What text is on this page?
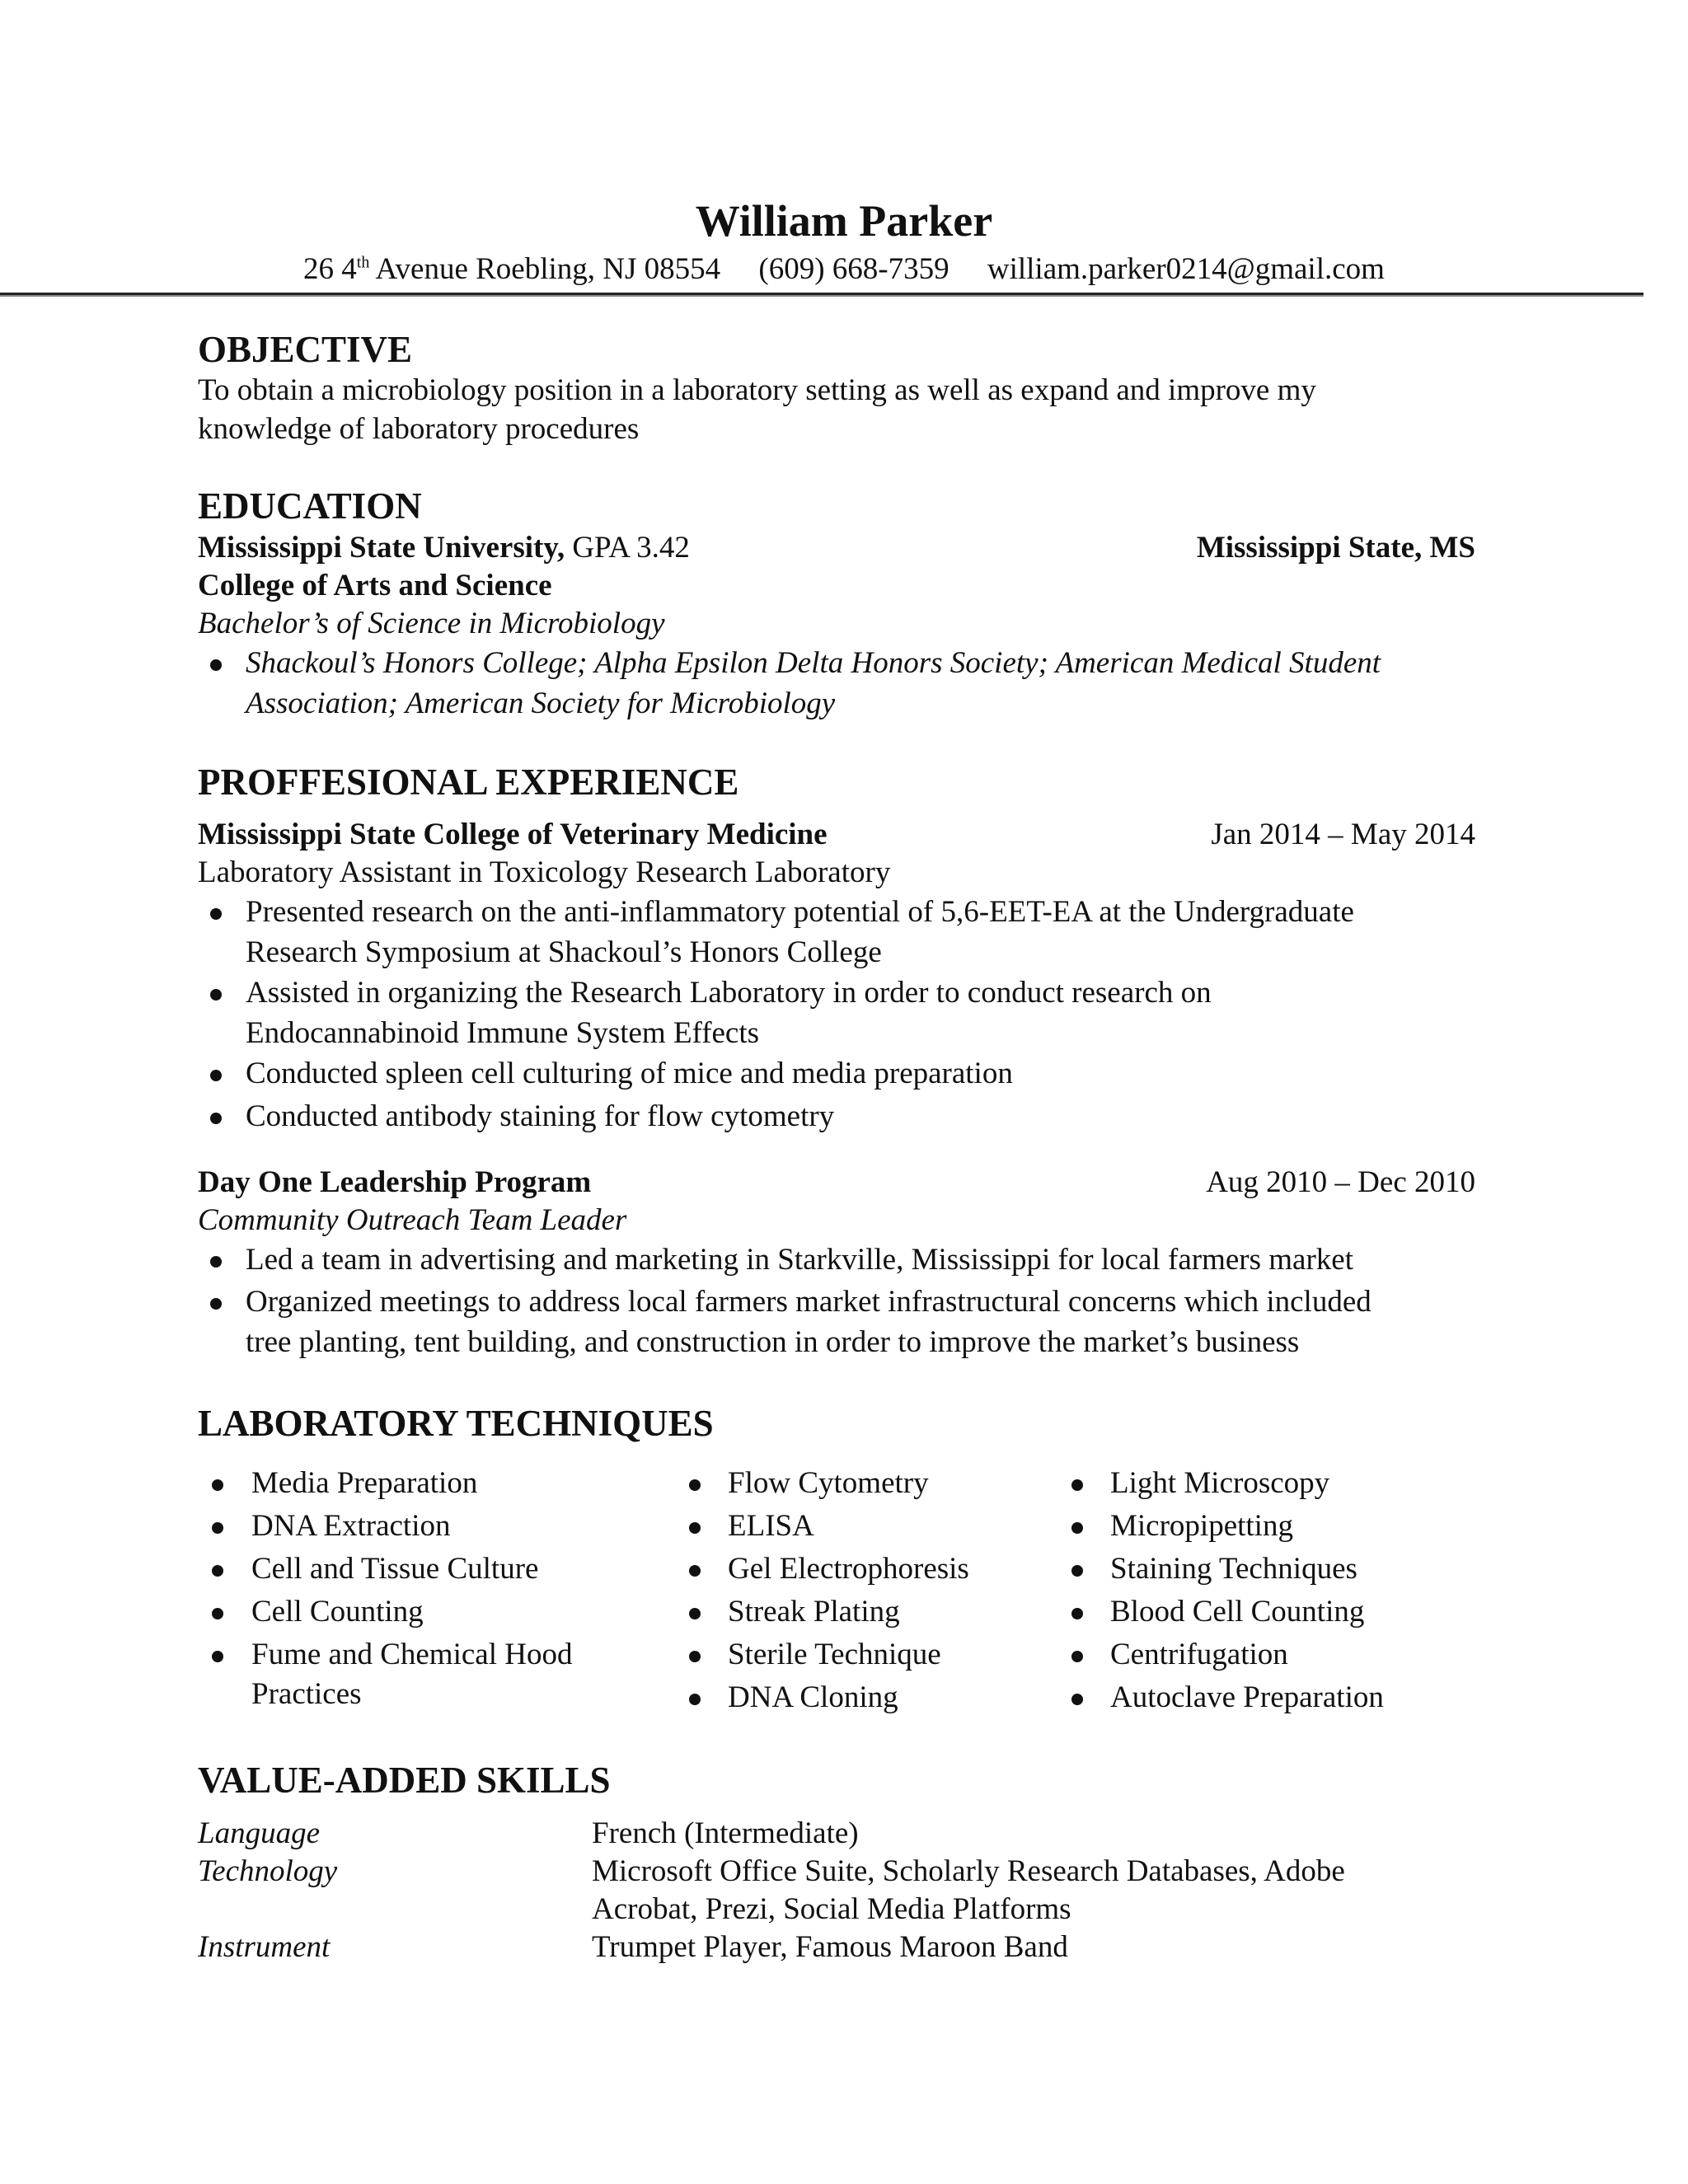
William Parker
26 4th Avenue Roebling, NJ 08554 (609) 668-7359 william.parker0214@gmail.com
OBJECTIVE
To obtain a microbiology position in a laboratory setting as well as expand and improve my
knowledge of laboratory procedures
EDUCATION
Mississippi State University, GPA 3.42	Mississippi State, MS
College of Arts and Science
Bachelor’s of Science in Microbiology
Shackoul’s Honors College; Alpha Epsilon Delta Honors Society; American Medical Student
Association; American Society for Microbiology
PROFFESIONAL EXPERIENCE
Mississippi State College of Veterinary Medicine	Jan 2014 – May 2014
Laboratory Assistant in Toxicology Research Laboratory
Presented research on the anti-inflammatory potential of 5,6-EET-EA at the Undergraduate
Research Symposium at Shackoul’s Honors College
Assisted in organizing the Research Laboratory in order to conduct research on
Endocannabinoid Immune System Effects
Conducted spleen cell culturing of mice and media preparation
Conducted antibody staining for flow cytometry
Day One Leadership Program	Aug 2010 – Dec 2010
Community Outreach Team Leader
Led a team in advertising and marketing in Starkville, Mississippi for local farmers market
Organized meetings to address local farmers market infrastructural concerns which included
tree planting, tent building, and construction in order to improve the market’s business
LABORATORY TECHNIQUES
Media Preparation
DNA Extraction
Cell and Tissue Culture
Cell Counting
Fume and Chemical Hood
Practices
Flow Cytometry
ELISA
Gel Electrophoresis
Streak Plating
Sterile Technique
DNA Cloning
Light Microscopy
Micropipetting
Staining Techniques
Blood Cell Counting
Centrifugation
Autoclave Preparation
VALUE-ADDED SKILLS
Language	French (Intermediate)
Technology	Microsoft Office Suite, Scholarly Research Databases, Adobe
Acrobat, Prezi, Social Media Platforms
Instrument	Trumpet Player, Famous Maroon Band
